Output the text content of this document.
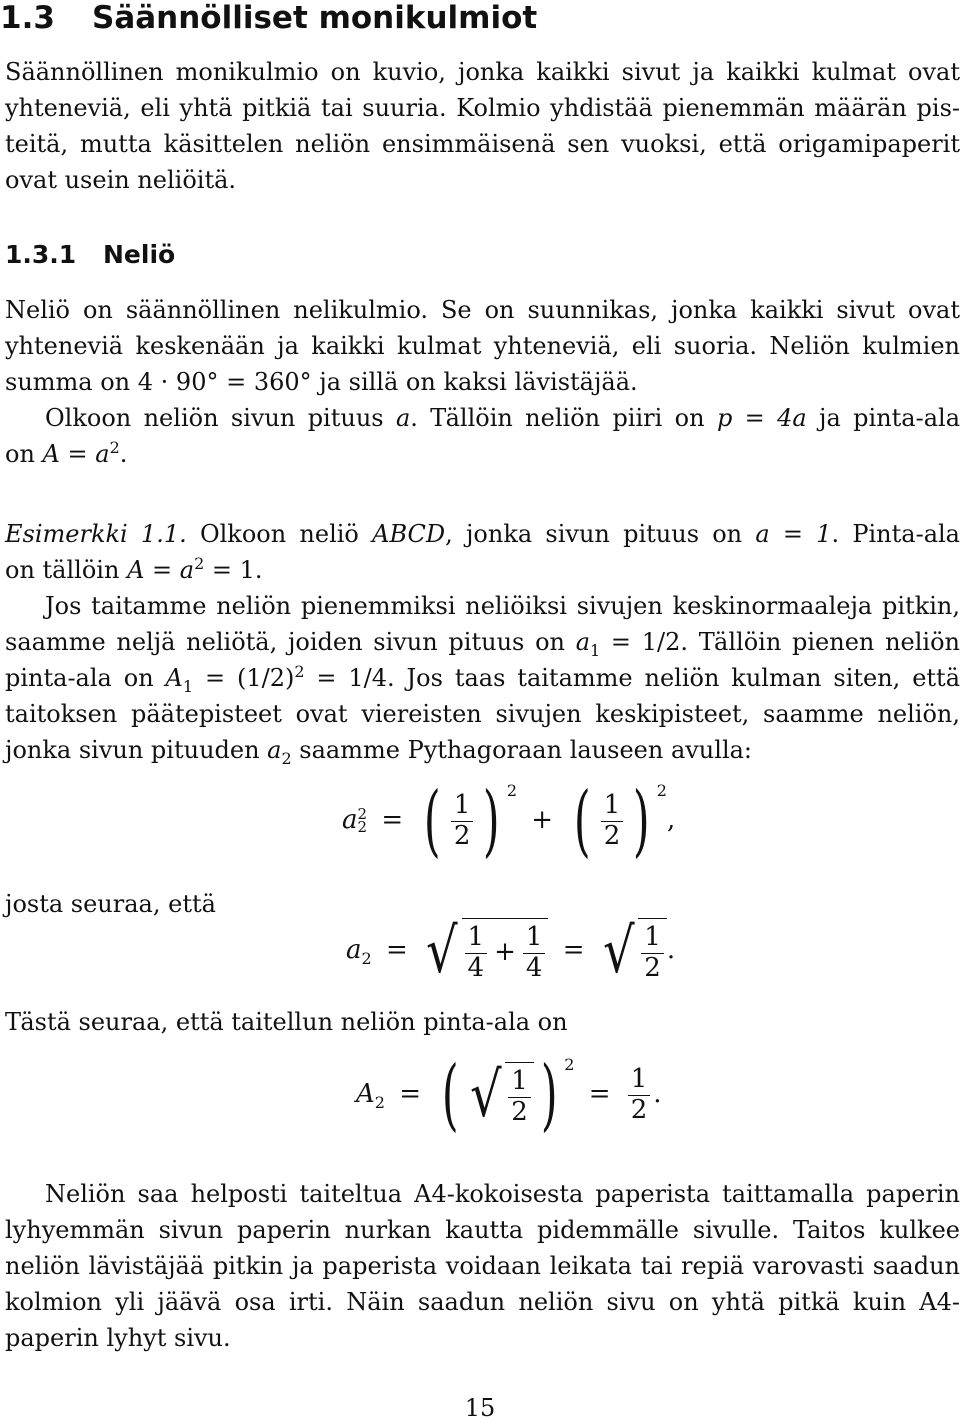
1.3 Säännölliset monikulmiot
Säännöllinen monikulmio on kuvio, jonka kaikki sivut ja kaikki kulmat ovat
yhteneviä, eli yhtä pitkiä tai suuria. Kolmio yhdistää pienemmän määrän pis-
teitä, mutta käsittelen neliön ensimmäisenä sen vuoksi, että origamipaperit
ovat usein neliöitä.
1.3.1 Neliö
Neliö on säännöllinen nelikulmio. Se on suunnikas, jonka kaikki sivut ovat
yhteneviä keskenään ja kaikki kulmat yhteneviä, eli suoria. Neliön kulmien
summa on 4 · 90° = 360° ja sillä on kaksi lävistäjää.
Olkoon neliön sivun pituus a. Tällöin neliön piiri on p = 4a ja pinta-ala
on $A = a^2$.
Esimerkki 1.1. Olkoon neliö ABCD, jonka sivun pituus on a = 1. Pinta-ala
on tällöin $A = a^2 = 1$.
Jos taitamme neliön pienemmiksi neliöiksi sivujen keskinormaaleja pitkin,
saamme neljä neliötä, joiden sivun pituus on $a_1 = 1/2$. Tällöin pienen neliön
pinta-ala on $A_1 = (1/2)^2 = 1/4$. Jos taas taitamme neliön kulman siten, että
taitoksen päätepisteet ovat viereisten sivujen keskipisteet, saamme neliön,
jonka sivun pituuden $a_2$ saamme Pythagoraan lauseen avulla:
a 2
2 = ( $\frac{1}{2}$ ) $^2$ + ( $\frac{1}{2}$ ) $^2$,
josta seuraa, että
$a_2$ = √ $\frac{1}{4} + \frac{1}{4}$ = √ $\frac{1}{2}$ .
Tästä seuraa, että taitellun neliön pinta-ala on
$A_2$ = ( √ $\frac{1}{2}$ ) $^2 = \frac{1}{2}$ .
Neliön saa helposti taiteltua A4-kokoisesta paperista taittamalla paperin
lyhyemmän sivun paperin nurkan kautta pidemmälle sivulle. Taitos kulkee
neliön lävistäjää pitkin ja paperista voidaan leikata tai repiä varovasti saadun
kolmion yli jäävä osa irti. Näin saadun neliön sivu on yhtä pitkä kuin A4-
paperin lyhyt sivu.
15
